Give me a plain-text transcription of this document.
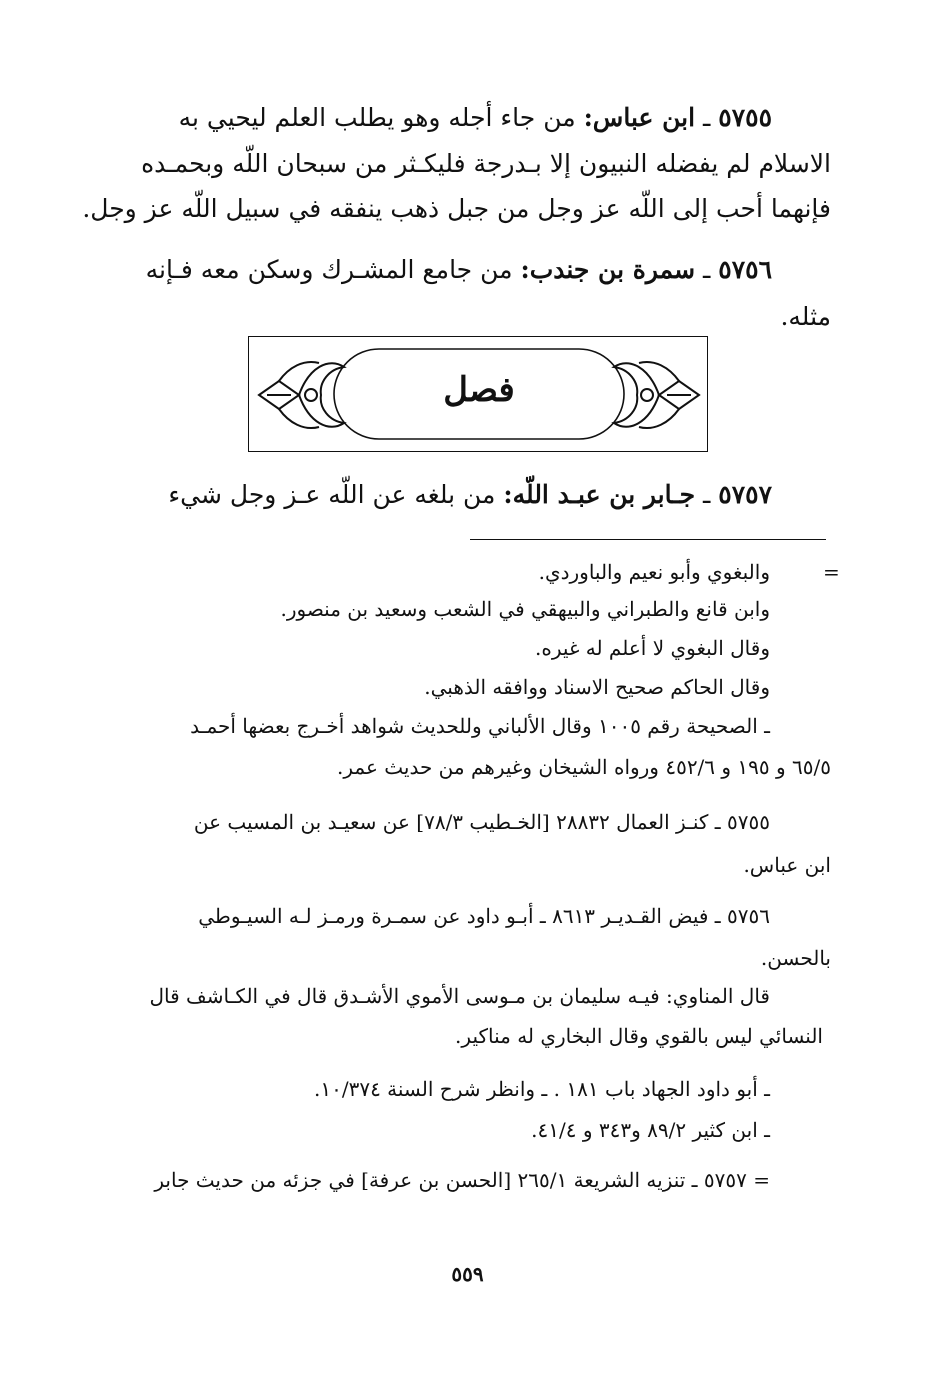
٥٧٥٥ ـ ابن عباس: من جاء أجله وهو يطلب العلم ليحيي به
الاسلام لم يفضله النبيون إلا بـدرجة فليكـثر من سبحان اللّه وبحمـده
فإنهما أحب إلى اللّه عز وجل من جبل ذهب ينفقه في سبيل اللّه عز وجل.
٥٧٥٦ ـ سمرة بن جندب: من جامع المشـرك وسكن معه فـإنه
مثله.
فصل
٥٧٥٧ ـ جـابر بن عبـد اللّه: من بلغه عن اللّه عـز وجل شيء
=
والبغوي وأبو نعيم والباوردي.
وابن قانع والطبراني والبيهقي في الشعب وسعيد بن منصور.
وقال البغوي لا أعلم له غيره.
وقال الحاكم صحيح الاسناد ووافقه الذهبي.
ـ الصحيحة رقم ١٠٠٥ وقال الألباني وللحديث شواهد أخـرج بعضها أحمـد
٦٥/٥ و ١٩٥ و ٤٥٢/٦ ورواه الشيخان وغيرهم من حديث عمر.
٥٧٥٥ ـ كنـز العمال ٢٨٨٣٢ [الخـطيب ٧٨/٣] عن سعيـد بن المسيب عن
ابن عباس.
٥٧٥٦ ـ فيض القـديـر ٨٦١٣ ـ أبـو داود عن سمـرة ورمـز لـه السيـوطي
بالحسن.
قال المناوي: فيـه سليمان بن مـوسى الأموي الأشـدق قال في الكـاشف قال
النسائي ليس بالقوي وقال البخاري له مناكير.
ـ أبو داود الجهاد باب ١٨١ . ـ وانظر شرح السنة ١٠/٣٧٤.
ـ ابن كثير ٨٩/٢ و٣٤٣ و ٤١/٤.
= ٥٧٥٧ ـ تنزيه الشريعة ٢٦٥/١ [الحسن بن عرفة] في جزئه من حديث جابر
٥٥٩
